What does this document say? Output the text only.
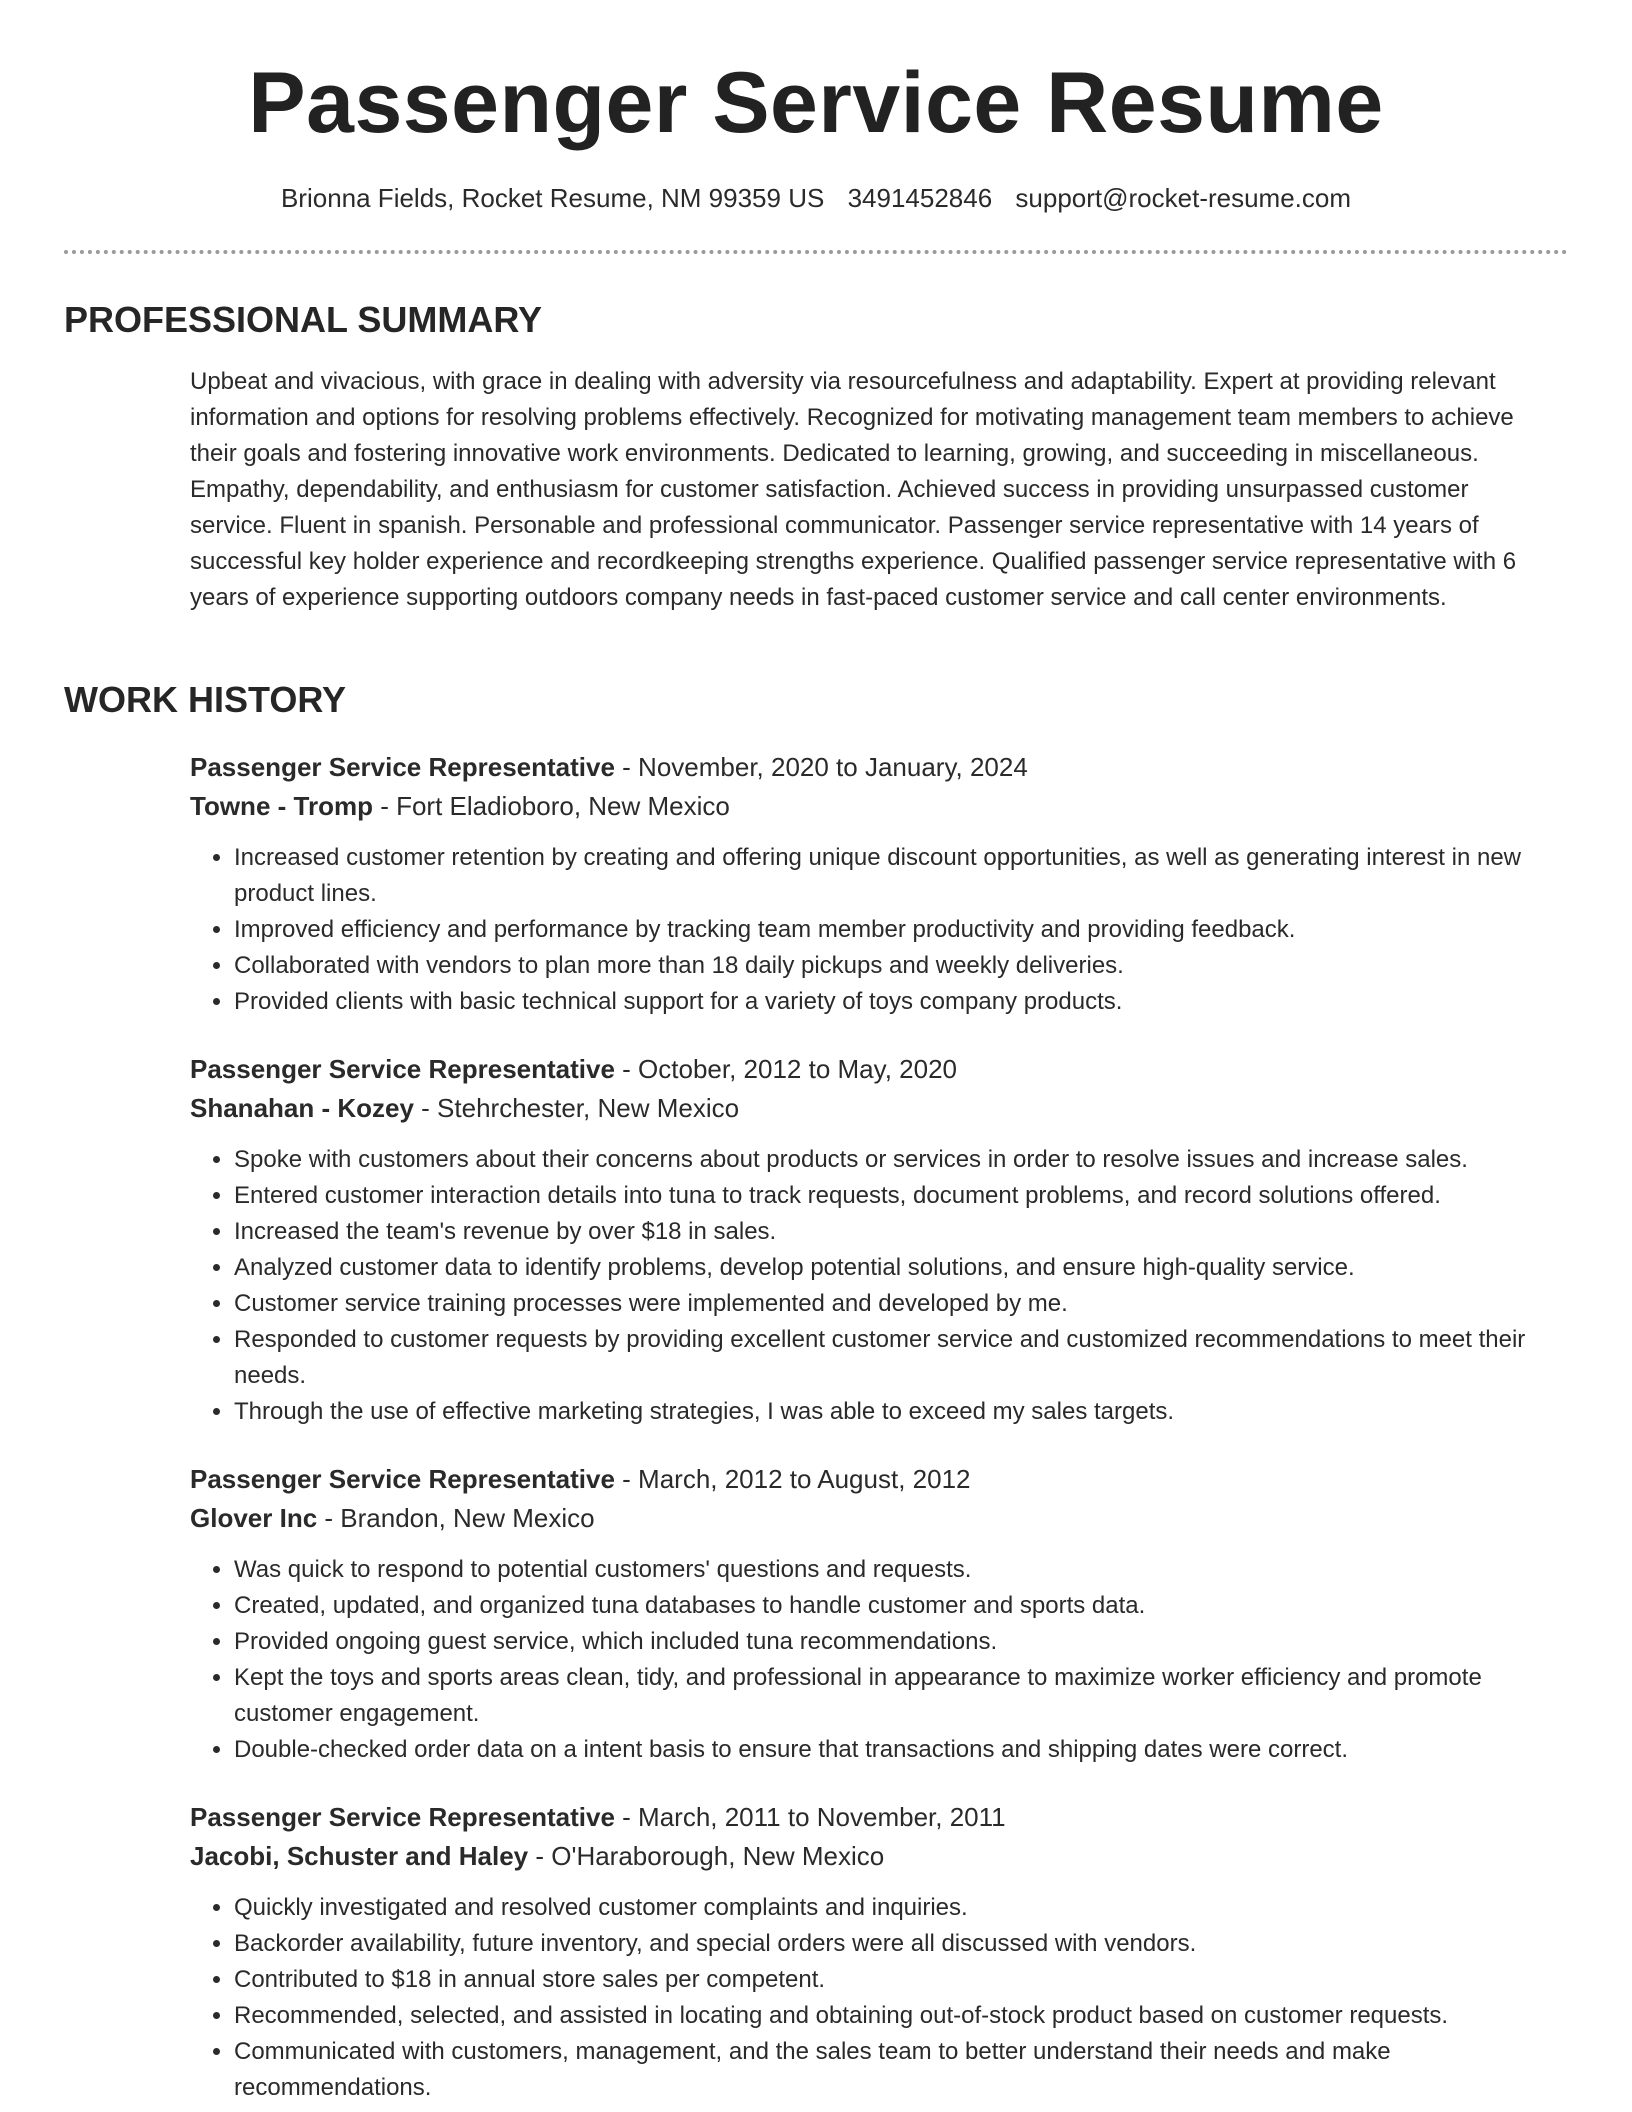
Passenger Service Resume
Brionna Fields, Rocket Resume, NM 99359 US 3491452846 support@rocket-resume.com
PROFESSIONAL SUMMARY

Upbeat and vivacious, with grace in dealing with adversity via resourcefulness and adaptability. Expert at providing relevant information and options for resolving problems effectively. Recognized for motivating management team members to achieve their goals and fostering innovative work environments. Dedicated to learning, growing, and succeeding in miscellaneous. Empathy, dependability, and enthusiasm for customer satisfaction. Achieved success in providing unsurpassed customer service. Fluent in spanish. Personable and professional communicator. Passenger service representative with 14 years of successful key holder experience and recordkeeping strengths experience. Qualified passenger service representative with 6 years of experience supporting outdoors company needs in fast-paced customer service and call center environments.

WORK HISTORY
Passenger Service Representative - November, 2020 to January, 2024
Towne - Tromp - Fort Eladioboro, New Mexico
• Increased customer retention by creating and offering unique discount opportunities, as well as generating interest in new product lines.
• Improved efficiency and performance by tracking team member productivity and providing feedback.
• Collaborated with vendors to plan more than 18 daily pickups and weekly deliveries.
• Provided clients with basic technical support for a variety of toys company products.
Passenger Service Representative - October, 2012 to May, 2020
Shanahan - Kozey - Stehrchester, New Mexico
• Spoke with customers about their concerns about products or services in order to resolve issues and increase sales.
• Entered customer interaction details into tuna to track requests, document problems, and record solutions offered.
• Increased the team's revenue by over $18 in sales.
• Analyzed customer data to identify problems, develop potential solutions, and ensure high-quality service.
• Customer service training processes were implemented and developed by me.
• Responded to customer requests by providing excellent customer service and customized recommendations to meet their needs.
• Through the use of effective marketing strategies, I was able to exceed my sales targets.
Passenger Service Representative - March, 2012 to August, 2012
Glover Inc - Brandon, New Mexico
• Was quick to respond to potential customers' questions and requests.
• Created, updated, and organized tuna databases to handle customer and sports data.
• Provided ongoing guest service, which included tuna recommendations.
• Kept the toys and sports areas clean, tidy, and professional in appearance to maximize worker efficiency and promote customer engagement.
• Double-checked order data on a intent basis to ensure that transactions and shipping dates were correct.
Passenger Service Representative - March, 2011 to November, 2011
Jacobi, Schuster and Haley - O'Haraborough, New Mexico
• Quickly investigated and resolved customer complaints and inquiries.
• Backorder availability, future inventory, and special orders were all discussed with vendors.
• Contributed to $18 in annual store sales per competent.
• Recommended, selected, and assisted in locating and obtaining out-of-stock product based on customer requests.
• Communicated with customers, management, and the sales team to better understand their needs and make recommendations.
